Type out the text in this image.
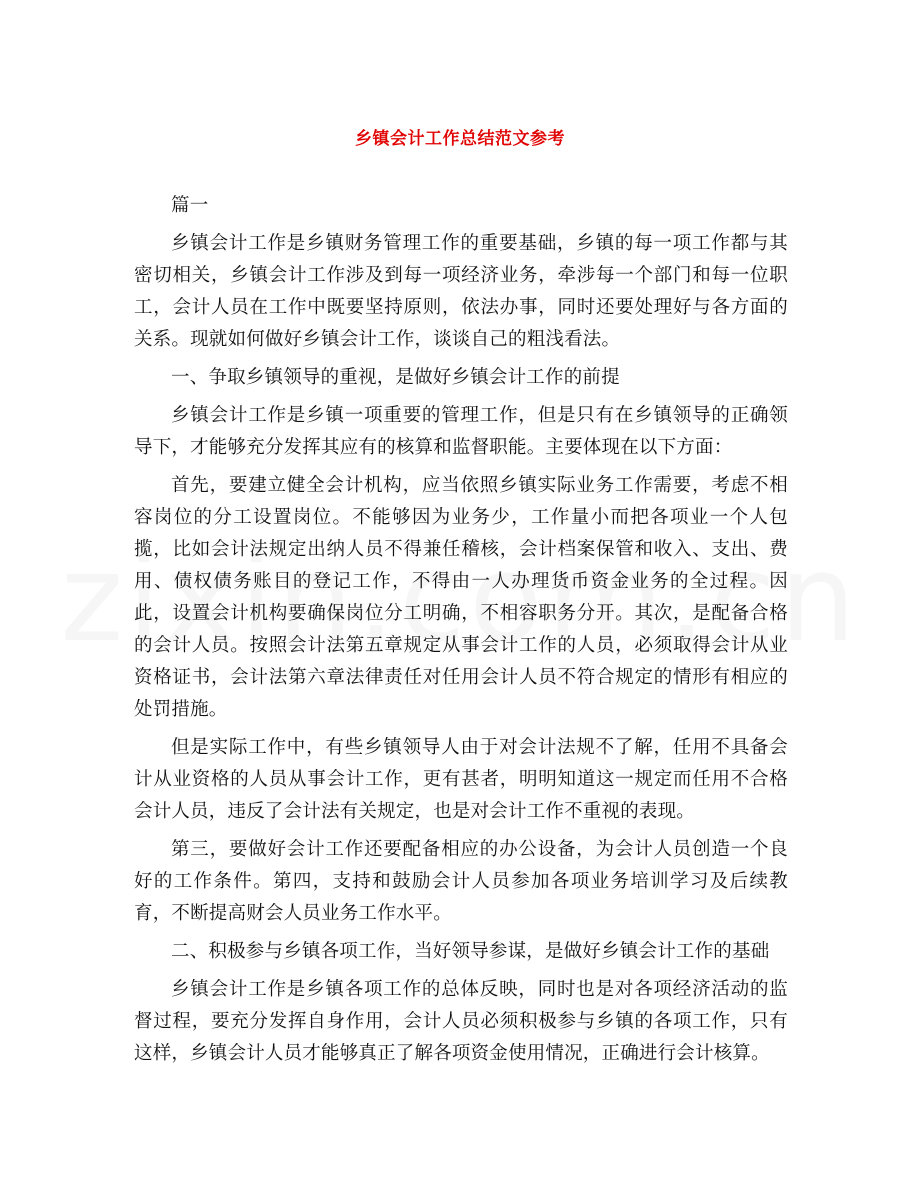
乡镇会计工作总结范文参考

篇一

乡镇会计工作是乡镇财务管理工作的重要基础，乡镇的每一项工作都与其密切相关，乡镇会计工作涉及到每一项经济业务，牵涉每一个部门和每一位职工，会计人员在工作中既要坚持原则，依法办事，同时还要处理好与各方面的关系。现就如何做好乡镇会计工作，谈谈自己的粗浅看法。

一、争取乡镇领导的重视，是做好乡镇会计工作的前提

乡镇会计工作是乡镇一项重要的管理工作，但是只有在乡镇领导的正确领导下，才能够充分发挥其应有的核算和监督职能。主要体现在以下方面：

首先，要建立健全会计机构，应当依照乡镇实际业务工作需要，考虑不相容岗位的分工设置岗位。不能够因为业务少，工作量小而把各项业一个人包揽，比如会计法规定出纳人员不得兼任稽核，会计档案保管和收入、支出、费用、债权债务账目的登记工作，不得由一人办理货币资金业务的全过程。因此，设置会计机构要确保岗位分工明确，不相容职务分开。其次，是配备合格的会计人员。按照会计法第五章规定从事会计工作的人员，必须取得会计从业资格证书，会计法第六章法律责任对任用会计人员不符合规定的情形有相应的处罚措施。

但是实际工作中，有些乡镇领导人由于对会计法规不了解，任用不具备会计从业资格的人员从事会计工作，更有甚者，明明知道这一规定而任用不合格会计人员，违反了会计法有关规定，也是对会计工作不重视的表现。

第三，要做好会计工作还要配备相应的办公设备，为会计人员创造一个良好的工作条件。第四，支持和鼓励会计人员参加各项业务培训学习及后续教育，不断提高财会人员业务工作水平。

二、积极参与乡镇各项工作，当好领导参谋，是做好乡镇会计工作的基础

乡镇会计工作是乡镇各项工作的总体反映，同时也是对各项经济活动的监督过程，要充分发挥自身作用，会计人员必须积极参与乡镇的各项工作，只有这样，乡镇会计人员才能够真正了解各项资金使用情况，正确进行会计核算。
